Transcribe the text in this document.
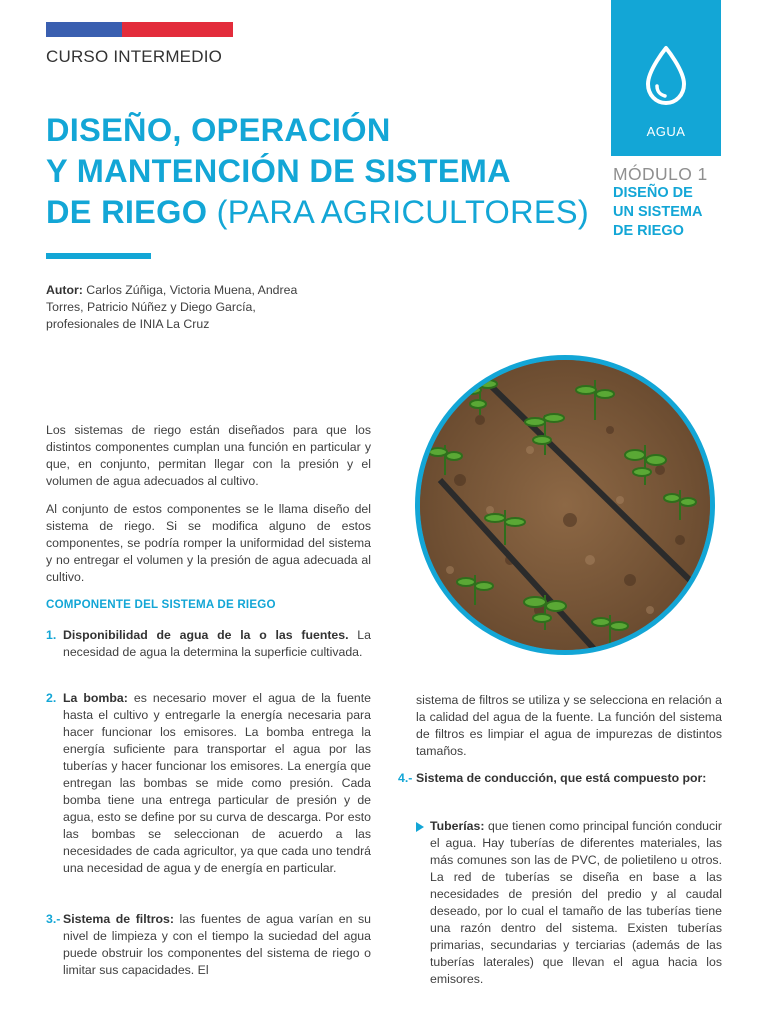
CURSO INTERMEDIO
DISEÑO, OPERACIÓN
Y MANTENCIÓN DE SISTEMA
DE RIEGO (PARA AGRICULTORES)
AGUA
MÓDULO 1
DISEÑO DE
UN SISTEMA
DE RIEGO
Autor: Carlos Zúñiga, Victoria Muena, Andrea Torres, Patricio Núñez y Diego García, profesionales de INIA La Cruz

Los sistemas de riego están diseñados para que los distintos componentes cumplan una función en particular y que, en conjunto, permitan llegar con la presión y el volumen de agua adecuados al cultivo.

Al conjunto de estos componentes se le llama diseño del sistema de riego. Si se modifica alguno de estos componentes, se podría romper la uniformidad del sistema y no entregar el volumen y la presión de agua adecuada al cultivo.

COMPONENTE DEL SISTEMA DE RIEGO
1. Disponibilidad de agua de la o las fuentes. La necesidad de agua la determina la superficie cultivada.
2. La bomba: es necesario mover el agua de la fuente hasta el cultivo y entregarle la energía necesaria para hacer funcionar los emisores. La bomba entrega la energía suficiente para transportar el agua por las tuberías y hacer funcionar los emisores. La energía que entregan las bombas se mide como presión. Cada bomba tiene una entrega particular de presión y de agua, esto se define por su curva de descarga. Por esto las bombas se seleccionan de acuerdo a las necesidades de cada agricultor, ya que cada uno tendrá una necesidad de agua y de energía en particular.
3.- Sistema de filtros: las fuentes de agua varían en su nivel de limpieza y con el tiempo la suciedad del agua puede obstruir los componentes del sistema de riego o limitar sus capacidades. El

sistema de filtros se utiliza y se selecciona en relación a la calidad del agua de la fuente. La función del sistema de filtros es limpiar el agua de impurezas de distintos tamaños.

4.- Sistema de conducción, que está compuesto por:
Tuberías: que tienen como principal función conducir el agua. Hay tuberías de diferentes materiales, las más comunes son las de PVC, de polietileno u otros. La red de tuberías se diseña en base a las necesidades de presión del predio y al caudal deseado, por lo cual el tamaño de las tuberías tiene una razón dentro del sistema. Existen tuberías primarias, secundarias y terciarias (además de las tuberías laterales) que llevan el agua hacia los emisores.
